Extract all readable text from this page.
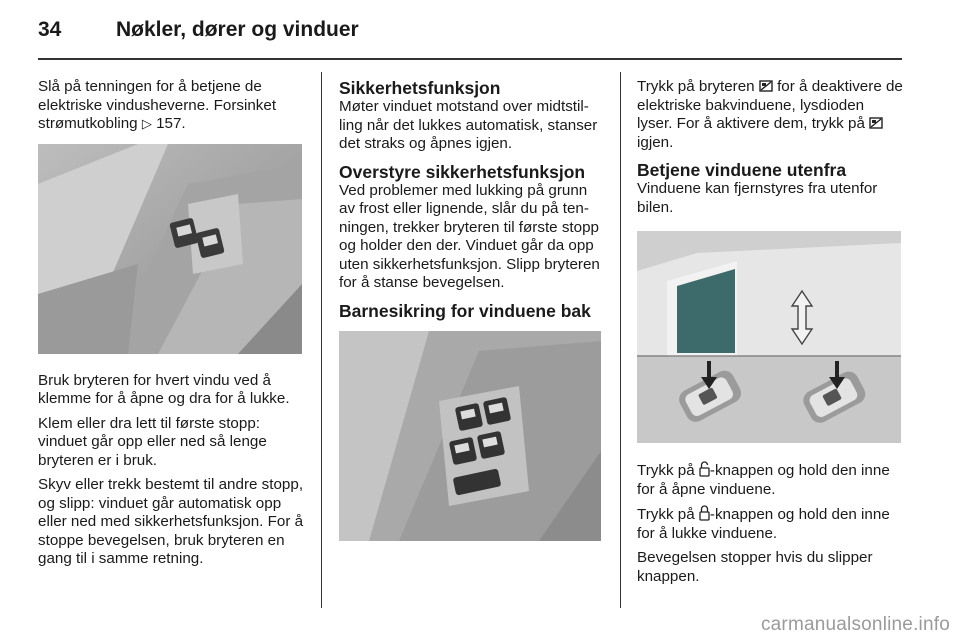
34	Nøkler, dører og vinduer

Slå på tenningen for å betjene de elektriske vindusheverne. Forsinket strømutkobling ▷ 157.

Bruk bryteren for hvert vindu ved å klemme for å åpne og dra for å lukke.

Klem eller dra lett til første stopp: vinduet går opp eller ned så lenge bryteren er i bruk.

Skyv eller trekk bestemt til andre stopp, og slipp: vinduet går automatisk opp eller ned med sikkerhetsfunksjon. For å stoppe bevegelsen, bruk bryteren en gang til i samme retning.

Sikkerhetsfunksjon

Møter vinduet motstand over midtstilling når det lukkes automatisk, stanser det straks og åpnes igjen.

Overstyre sikkerhetsfunksjon

Ved problemer med lukking på grunn av frost eller lignende, slår du på tenningen, trekker bryteren til første stopp og holder den der. Vinduet går da opp uten sikkerhetsfunksjon. Slipp bryteren for å stanse bevegelsen.

Barnesikring for vinduene bak

Trykk på bryteren for å deaktivere de elektriske bakvinduene, lysdioden lyser. For å aktivere dem, trykk på  igjen.

Betjene vinduene utenfra

Vinduene kan fjernstyres fra utenfor bilen.

Trykk på -knappen og hold den inne for å åpne vinduene.

Trykk på -knappen og hold den inne for å lukke vinduene.

Bevegelsen stopper hvis du slipper knappen.

carmanualsonline.info
